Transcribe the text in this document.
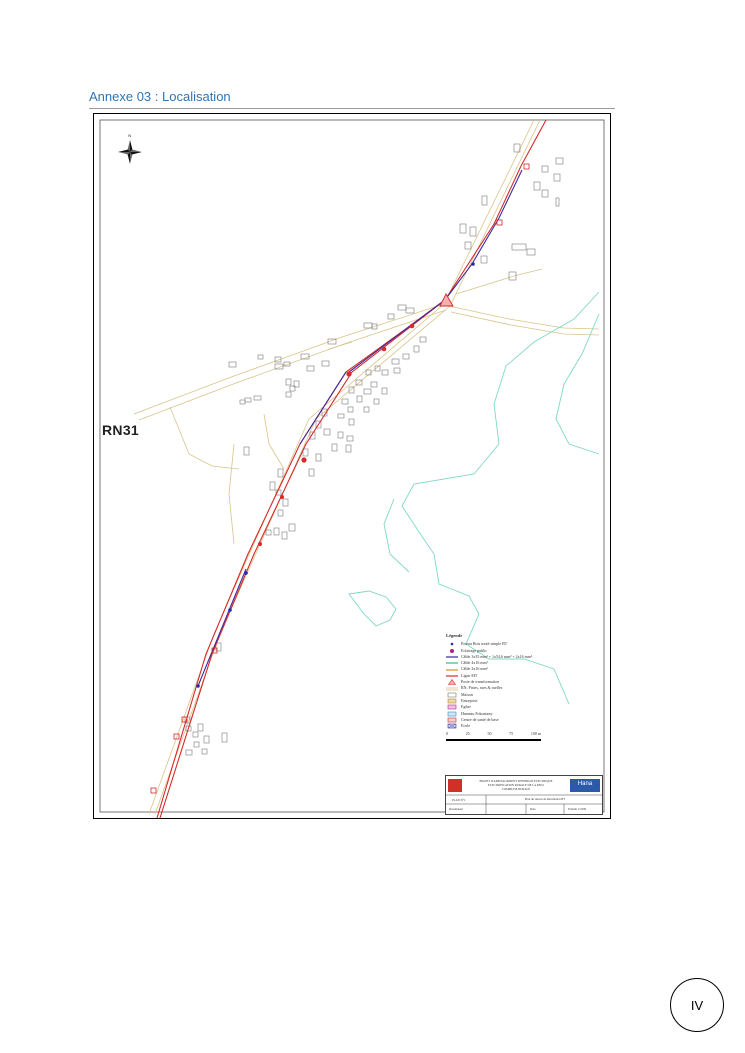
Annexe 03 : Localisation
N
RN31
Légende
Poteau Bois traité simple BT
Eclairage public
Câble 3x35 mm² + 1x54,6 mm² + 2x16 mm²
Câble 4x16 mm²
Câble 2x16 mm²
Ligne MT
Poste de transformation
RN, Pistes, rues & ruelles
Maison
Entreprise
Eglise
Hameau Fokontany
Centre de santé de base
Ecole
0	25	50	75	100 m
PROJET D'AMENAGEMENT D'ENERGIE ELECTRIQUE
ELECTRIFICATION RURALE DE LA RN31
COMMUNE RURALE
Hana
PLAN N°1	Plan du réseau de distribution BT
Dessinateur	Date	Echelle 1/2500
IV
